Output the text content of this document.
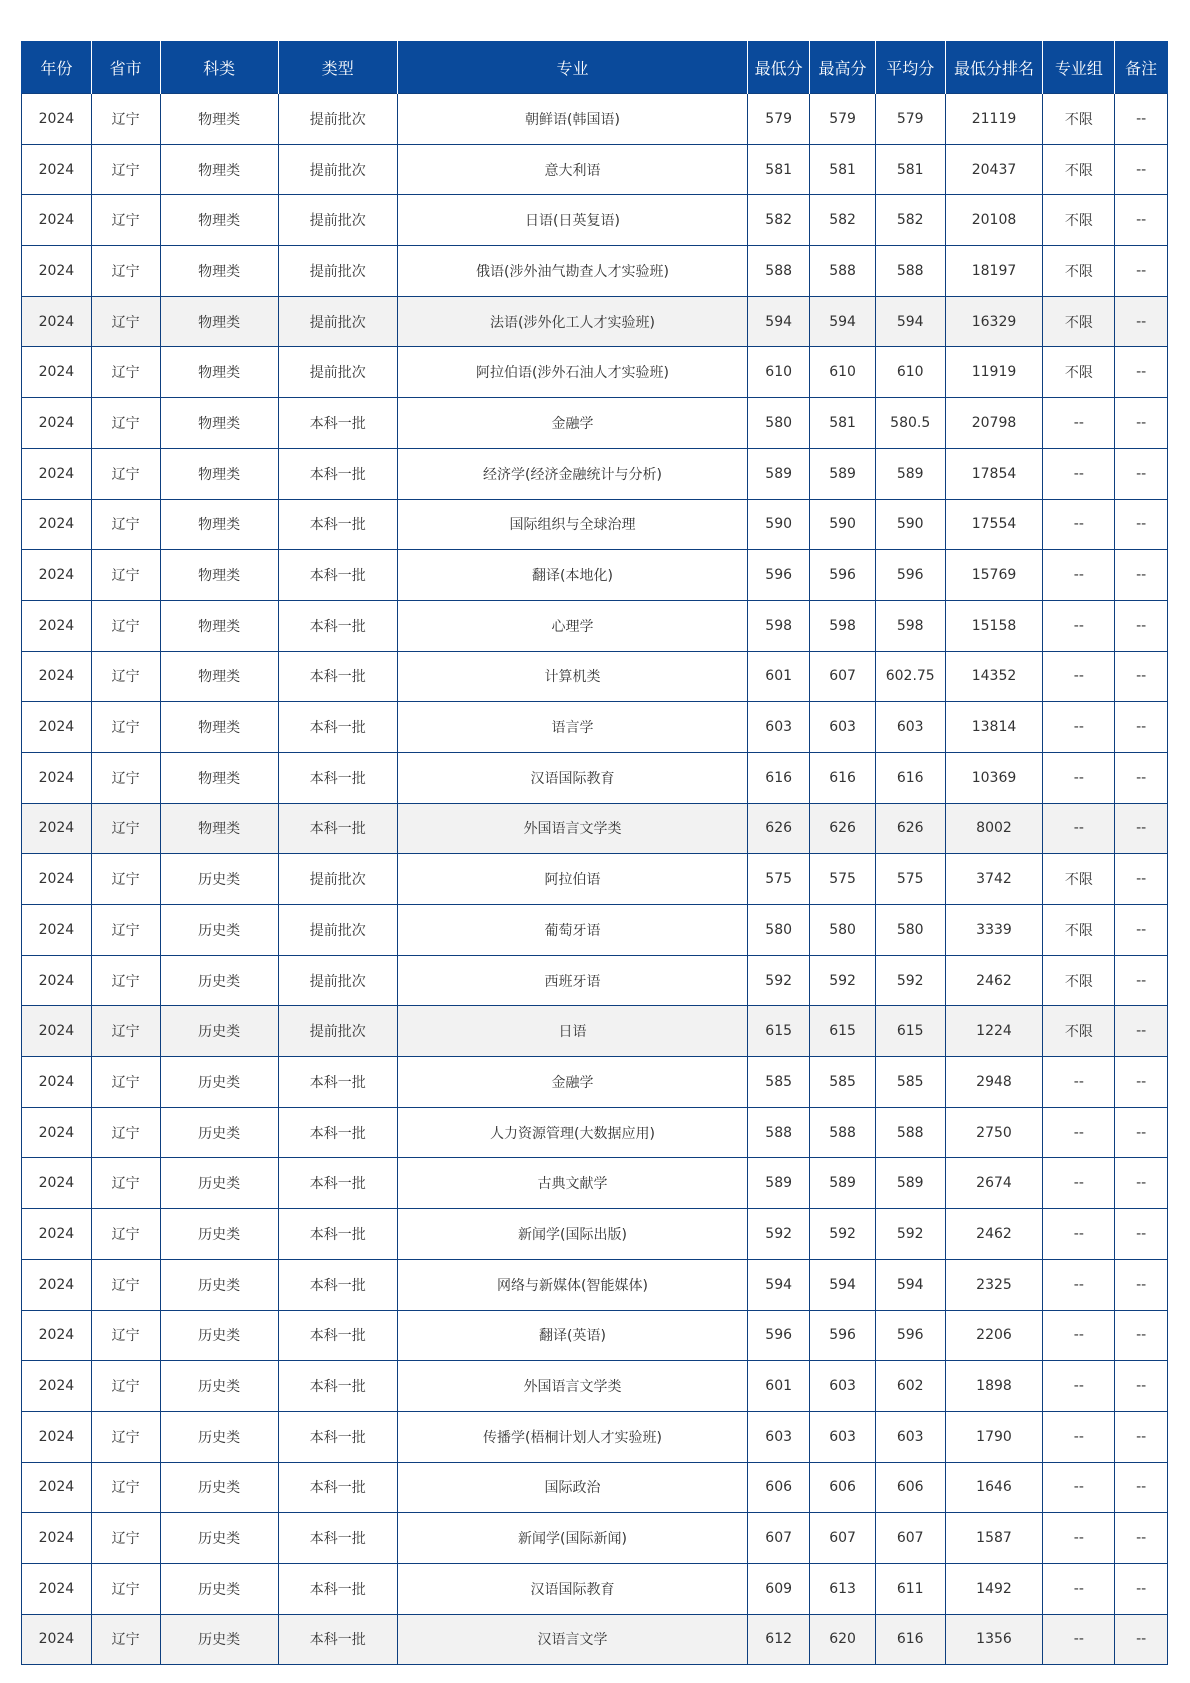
年份	省市	科类	类型	专业	最低分	最高分	平均分	最低分排名	专业组	备注
2024	辽宁	物理类	提前批次	朝鲜语(韩国语)	579	579	579	21119	不限	--
2024	辽宁	物理类	提前批次	意大利语	581	581	581	20437	不限	--
2024	辽宁	物理类	提前批次	日语(日英复语)	582	582	582	20108	不限	--
2024	辽宁	物理类	提前批次	俄语(涉外油气勘查人才实验班)	588	588	588	18197	不限	--
2024	辽宁	物理类	提前批次	法语(涉外化工人才实验班)	594	594	594	16329	不限	--
2024	辽宁	物理类	提前批次	阿拉伯语(涉外石油人才实验班)	610	610	610	11919	不限	--
2024	辽宁	物理类	本科一批	金融学	580	581	580.5	20798	--	--
2024	辽宁	物理类	本科一批	经济学(经济金融统计与分析)	589	589	589	17854	--	--
2024	辽宁	物理类	本科一批	国际组织与全球治理	590	590	590	17554	--	--
2024	辽宁	物理类	本科一批	翻译(本地化)	596	596	596	15769	--	--
2024	辽宁	物理类	本科一批	心理学	598	598	598	15158	--	--
2024	辽宁	物理类	本科一批	计算机类	601	607	602.75	14352	--	--
2024	辽宁	物理类	本科一批	语言学	603	603	603	13814	--	--
2024	辽宁	物理类	本科一批	汉语国际教育	616	616	616	10369	--	--
2024	辽宁	物理类	本科一批	外国语言文学类	626	626	626	8002	--	--
2024	辽宁	历史类	提前批次	阿拉伯语	575	575	575	3742	不限	--
2024	辽宁	历史类	提前批次	葡萄牙语	580	580	580	3339	不限	--
2024	辽宁	历史类	提前批次	西班牙语	592	592	592	2462	不限	--
2024	辽宁	历史类	提前批次	日语	615	615	615	1224	不限	--
2024	辽宁	历史类	本科一批	金融学	585	585	585	2948	--	--
2024	辽宁	历史类	本科一批	人力资源管理(大数据应用)	588	588	588	2750	--	--
2024	辽宁	历史类	本科一批	古典文献学	589	589	589	2674	--	--
2024	辽宁	历史类	本科一批	新闻学(国际出版)	592	592	592	2462	--	--
2024	辽宁	历史类	本科一批	网络与新媒体(智能媒体)	594	594	594	2325	--	--
2024	辽宁	历史类	本科一批	翻译(英语)	596	596	596	2206	--	--
2024	辽宁	历史类	本科一批	外国语言文学类	601	603	602	1898	--	--
2024	辽宁	历史类	本科一批	传播学(梧桐计划人才实验班)	603	603	603	1790	--	--
2024	辽宁	历史类	本科一批	国际政治	606	606	606	1646	--	--
2024	辽宁	历史类	本科一批	新闻学(国际新闻)	607	607	607	1587	--	--
2024	辽宁	历史类	本科一批	汉语国际教育	609	613	611	1492	--	--
2024	辽宁	历史类	本科一批	汉语言文学	612	620	616	1356	--	--
